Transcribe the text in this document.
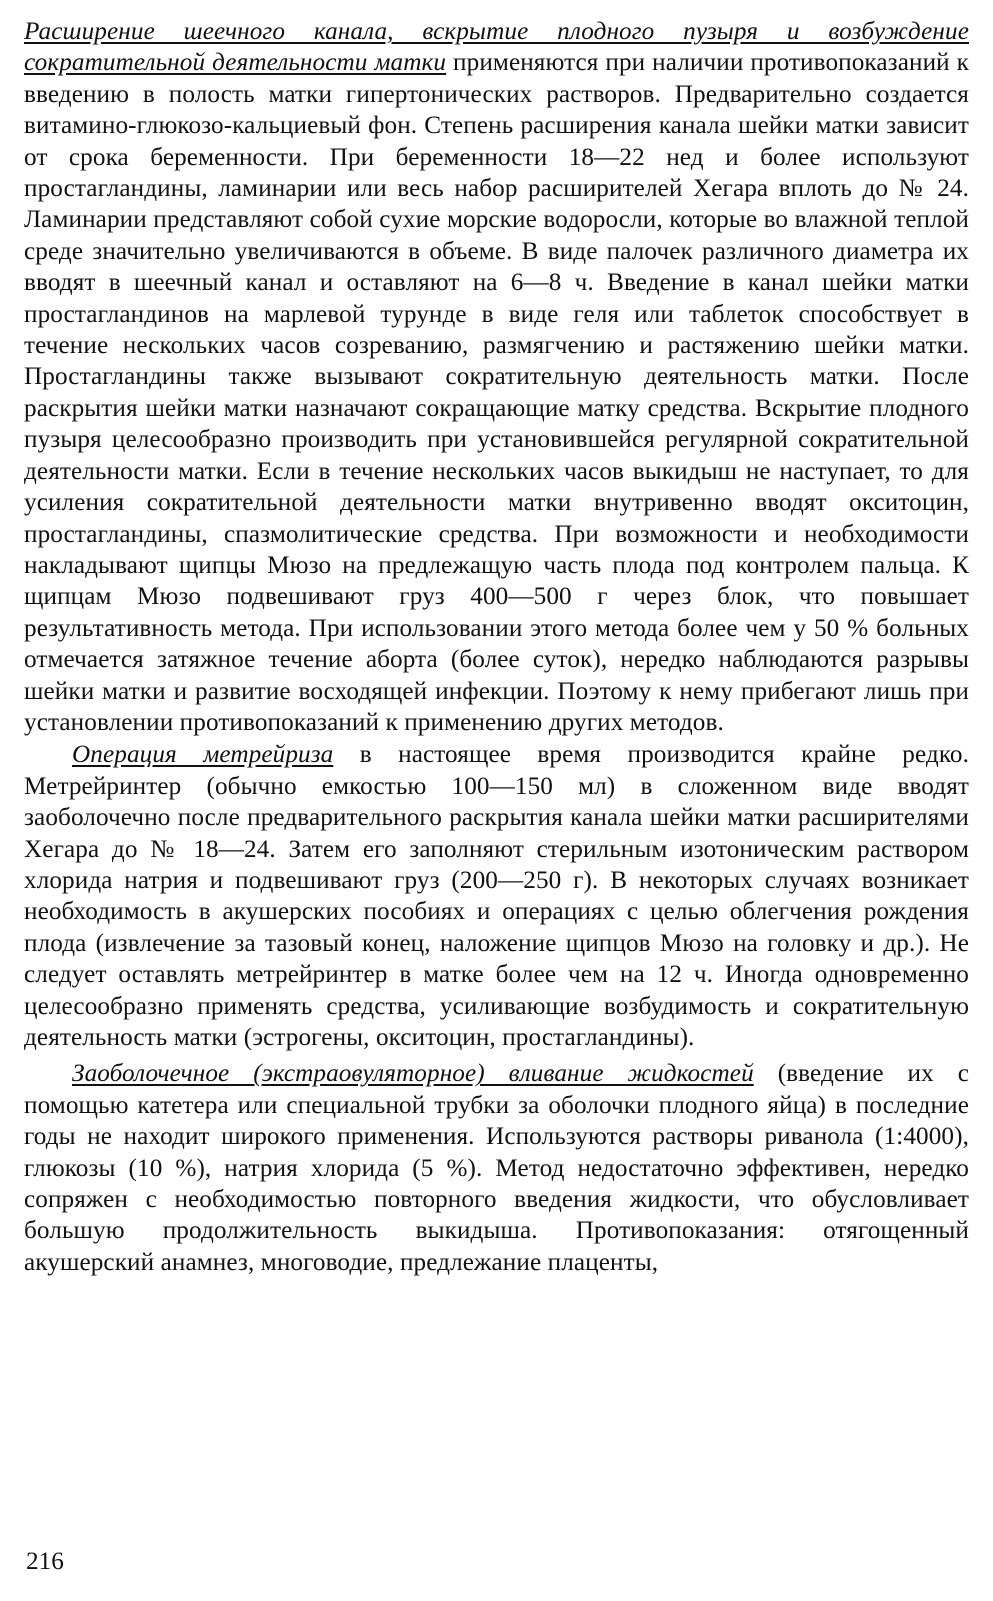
Расширение шеечного канала, вскрытие плодного пузыря и возбуждение сократительной деятельности матки применяются при наличии противопоказаний к введению в полость матки гипертонических растворов. Предварительно создается витамино-глюкозо-кальциевый фон. Степень расширения канала шейки матки зависит от срока беременности. При беременности 18—22 нед и более используют простагландины, ламинарии или весь набор расширителей Хегара вплоть до № 24. Ламинарии представляют собой сухие морские водоросли, которые во влажной теплой среде значительно увеличиваются в объеме. В виде палочек различного диаметра их вводят в шеечный канал и оставляют на 6—8 ч. Введение в канал шейки матки простагландинов на марлевой турунде в виде геля или таблеток способствует в течение нескольких часов созреванию, размягчению и растяжению шейки матки. Простагландины также вызывают сократительную деятельность матки. После раскрытия шейки матки назначают сокращающие матку средства. Вскрытие плодного пузыря целесообразно производить при установившейся регулярной сократительной деятельности матки. Если в течение нескольких часов выкидыш не наступает, то для усиления сократительной деятельности матки внутривенно вводят окситоцин, простагландины, спазмолитические средства. При возможности и необходимости накладывают щипцы Мюзо на предлежащую часть плода под контролем пальца. К щипцам Мюзо подвешивают груз 400—500 г через блок, что повышает результативность метода. При использовании этого метода более чем у 50 % больных отмечается затяжное течение аборта (более суток), нередко наблюдаются разрывы шейки матки и развитие восходящей инфекции. Поэтому к нему прибегают лишь при установлении противопоказаний к применению других методов.

Операция метрейриза в настоящее время производится крайне редко. Метрейринтер (обычно емкостью 100—150 мл) в сложенном виде вводят заоболочечно после предварительного раскрытия канала шейки матки расширителями Хегара до № 18—24. Затем его заполняют стерильным изотоническим раствором хлорида натрия и подвешивают груз (200—250 г). В некоторых случаях возникает необходимость в акушерских пособиях и операциях с целью облегчения рождения плода (извлечение за тазовый конец, наложение щипцов Мюзо на головку и др.). Не следует оставлять метрейринтер в матке более чем на 12 ч. Иногда одновременно целесообразно применять средства, усиливающие возбудимость и сократительную деятельность матки (эстрогены, окситоцин, простагландины).

Заоболочечное (экстраовуляторное) вливание жидкостей (введение их с помощью катетера или специальной трубки за оболочки плодного яйца) в последние годы не находит широкого применения. Используются растворы риванола (1:4000), глюкозы (10 %), натрия хлорида (5 %). Метод недостаточно эффективен, нередко сопряжен с необходимостью повторного введения жидкости, что обусловливает большую продолжительность выкидыша. Противопоказания: отягощенный акушерский анамнез, многоводие, предлежание плаценты,

216
